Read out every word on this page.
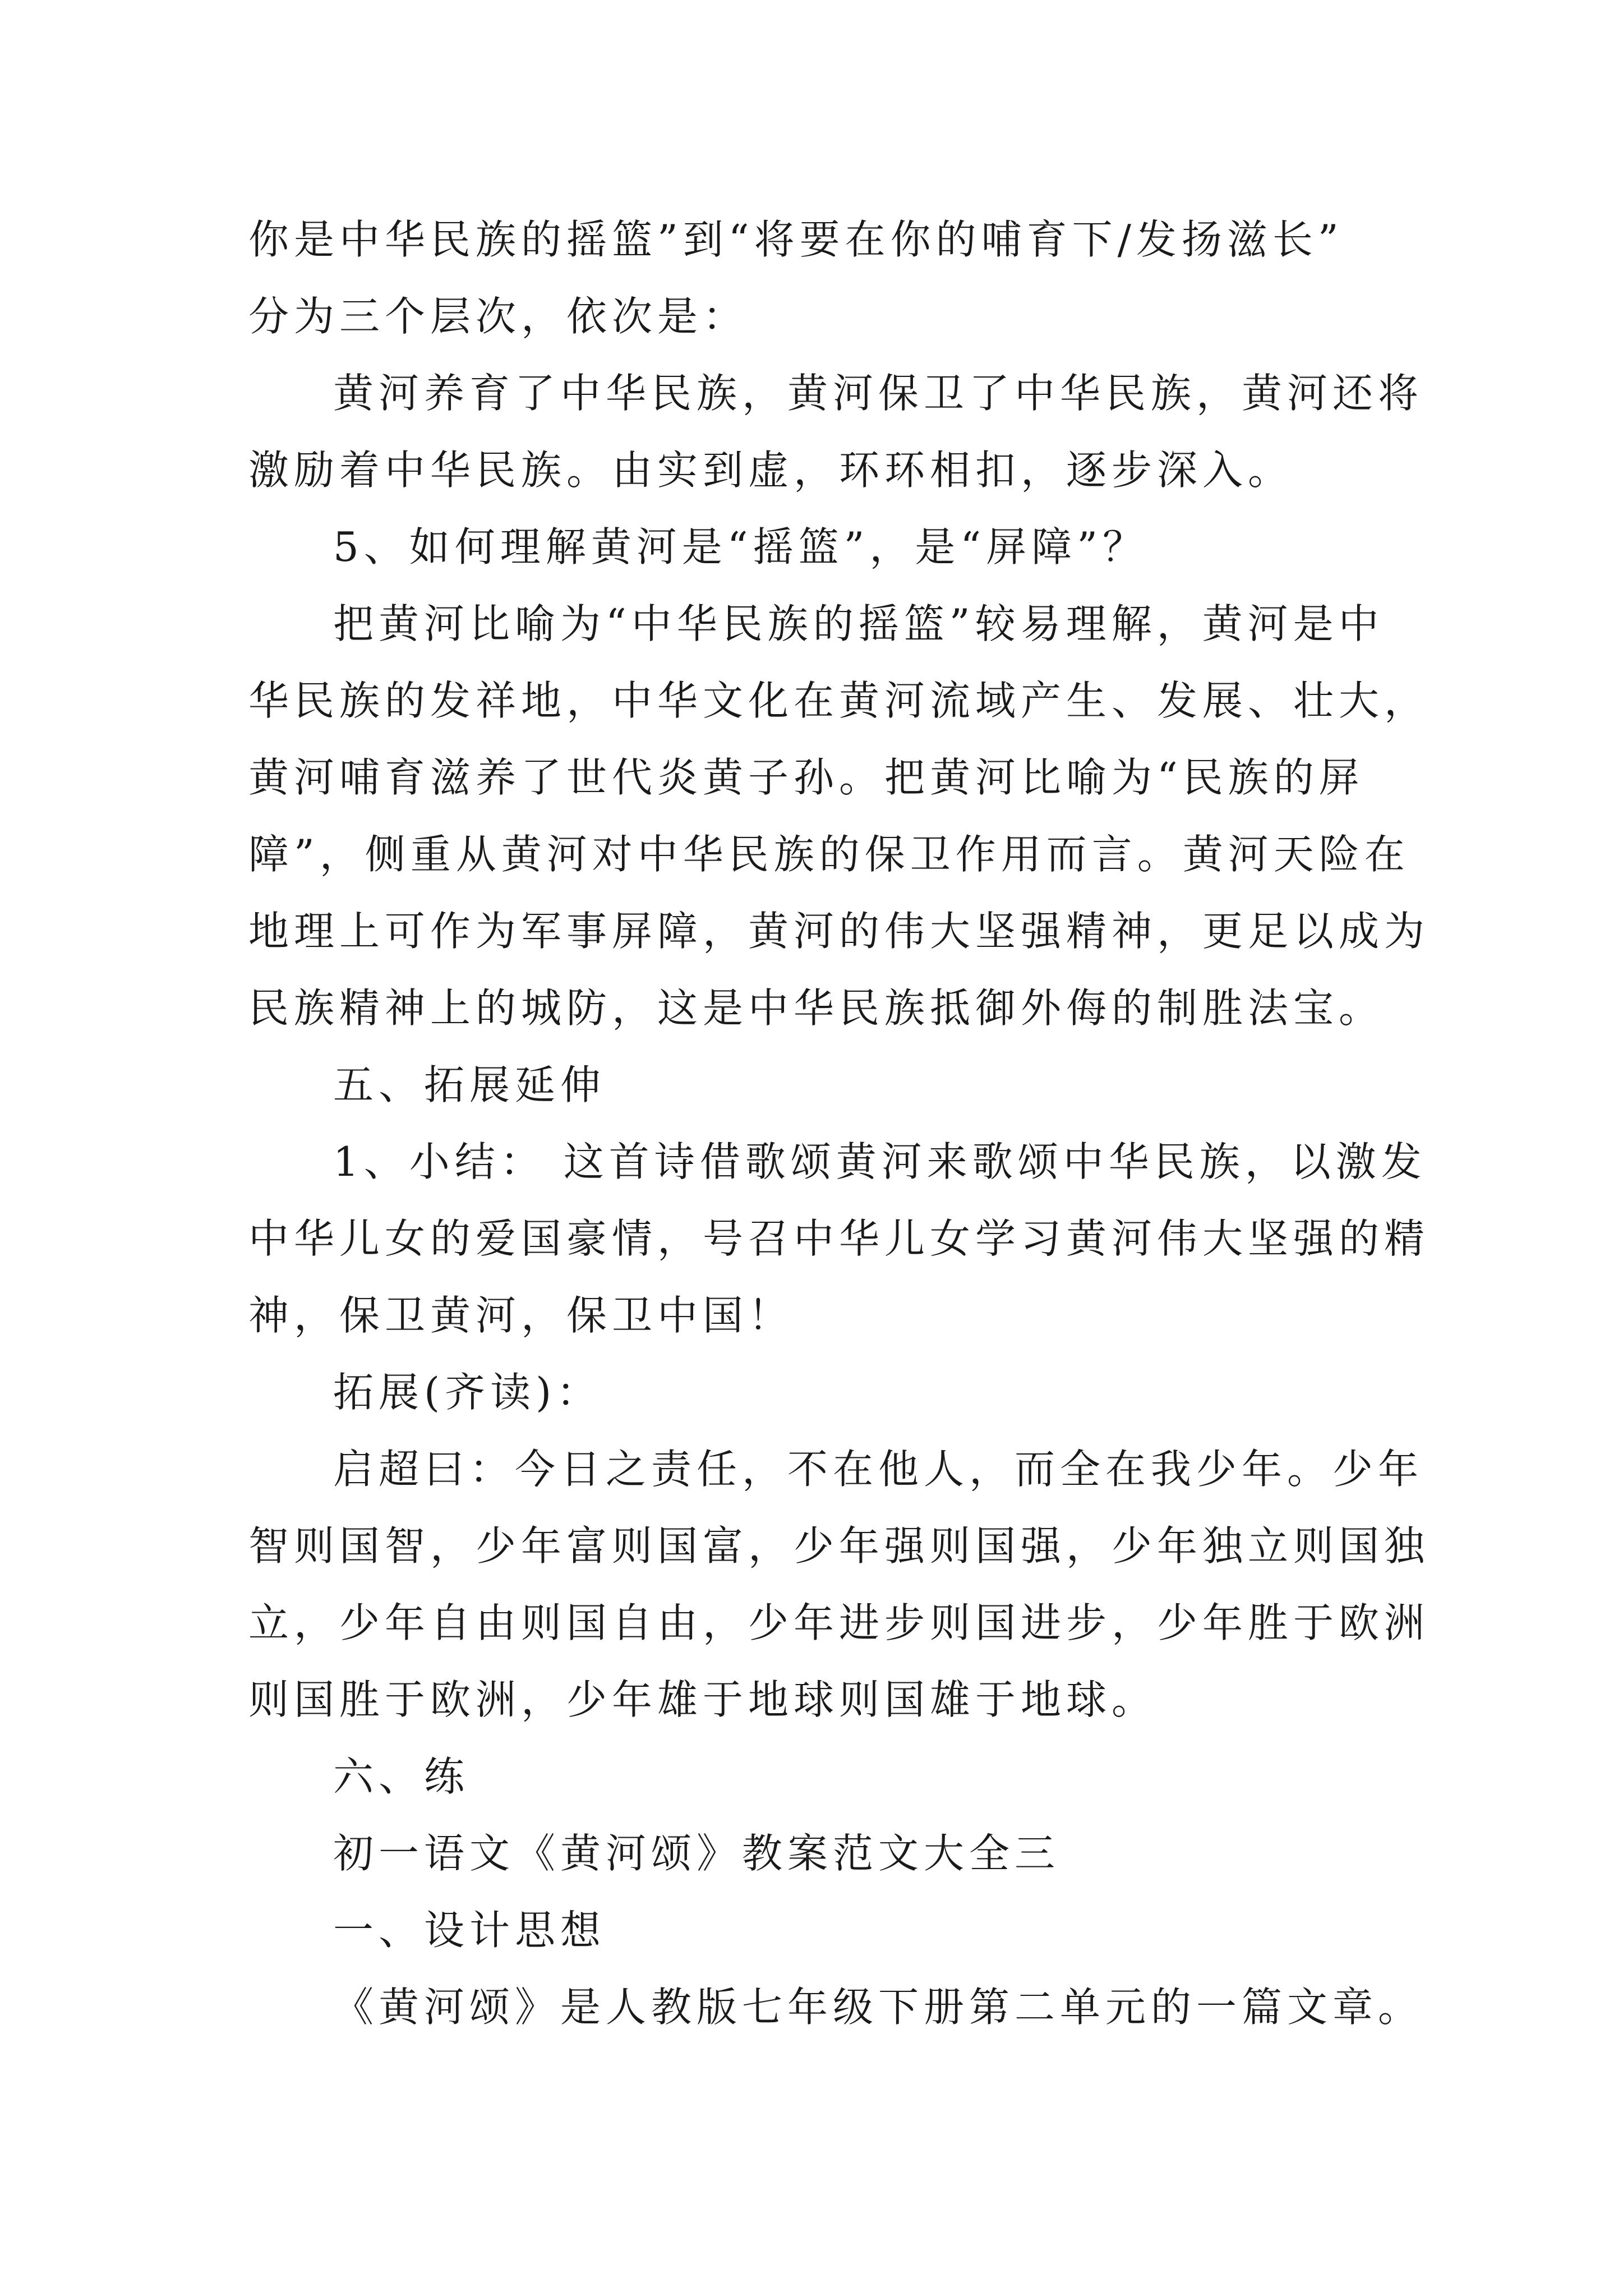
你是中华民族的摇篮”到“将要在你的哺育下/发扬滋长”
分为三个层次，依次是：
黄河养育了中华民族，黄河保卫了中华民族，黄河还将
激励着中华民族。由实到虚，环环相扣，逐步深入。
5、如何理解黄河是“摇篮”，是“屏障”？
把黄河比喻为“中华民族的摇篮”较易理解，黄河是中
华民族的发祥地，中华文化在黄河流域产生、发展、壮大，
黄河哺育滋养了世代炎黄子孙。把黄河比喻为“民族的屏
障”，侧重从黄河对中华民族的保卫作用而言。黄河天险在
地理上可作为军事屏障，黄河的伟大坚强精神，更足以成为
民族精神上的城防，这是中华民族抵御外侮的制胜法宝。
五、拓展延伸
1、小结： 这首诗借歌颂黄河来歌颂中华民族，以激发
中华儿女的爱国豪情，号召中华儿女学习黄河伟大坚强的精
神，保卫黄河，保卫中国！
拓展(齐读)：
启超曰：今日之责任，不在他人，而全在我少年。少年
智则国智，少年富则国富，少年强则国强，少年独立则国独
立，少年自由则国自由，少年进步则国进步，少年胜于欧洲
则国胜于欧洲，少年雄于地球则国雄于地球。
六、练
初一语文《黄河颂》教案范文大全三
一、设计思想
《黄河颂》是人教版七年级下册第二单元的一篇文章。
